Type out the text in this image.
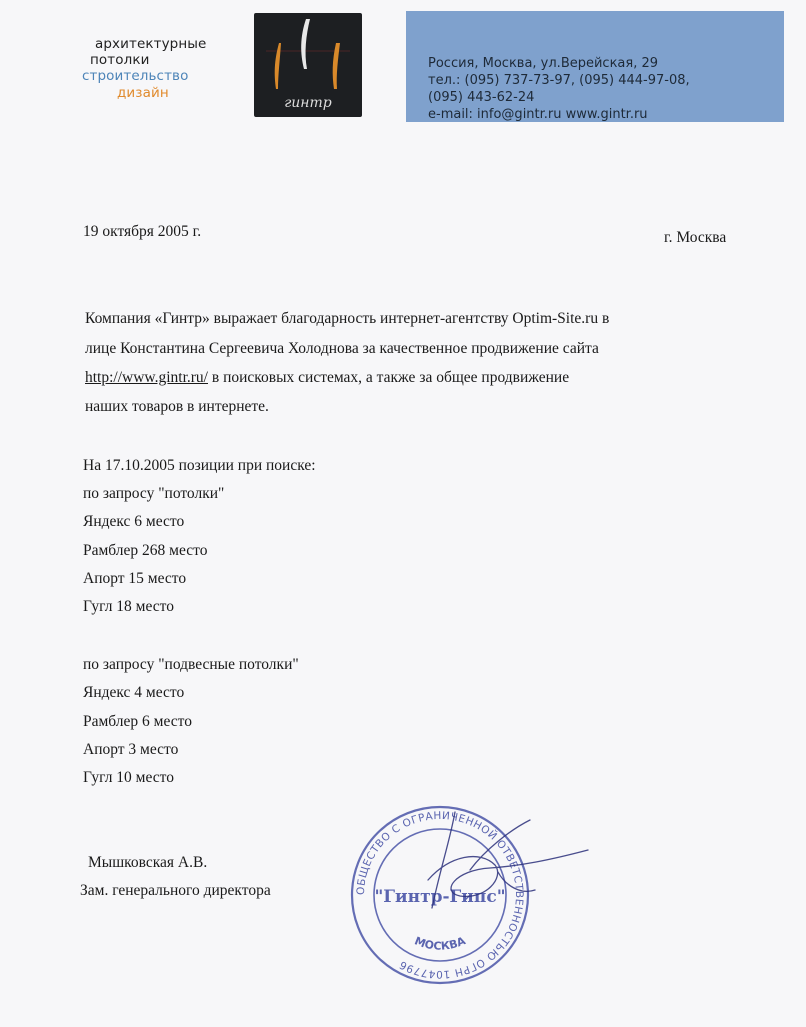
архитектурные
потолки
строительство
дизайн
гинтр
Россия, Москва, ул.Верейская, 29
тел.: (095) 737-73-97, (095) 444-97-08,
(095) 443-62-24
e-mail: info@gintr.ru www.gintr.ru
19 октября 2005 г.	г. Москва
Компания «Гинтр» выражает благодарность интернет-агентству Optim-Site.ru в
лице Константина Сергеевича Холоднова за качественное продвижение сайта
http://www.gintr.ru/ в поисковых системах, а также за общее продвижение
наших товаров в интернете.
На 17.10.2005 позиции при поиске:
по запросу "потолки"
Яндекс 6 место
Рамблер 268 место
Апорт 15 место
Гугл 18 место
по запросу "подвесные потолки"
Яндекс 4 место
Рамблер 6 место
Апорт 3 место
Гугл 10 место
Мышковская А.В.
Зам. генерального директора	ОБЩЕСТВО С ОГРАНИЧЕННОЙ ОТВЕТСТВЕННОСТЬЮ ОГРН 1047796
"Гинтр-Гипс"
МОСКВА
